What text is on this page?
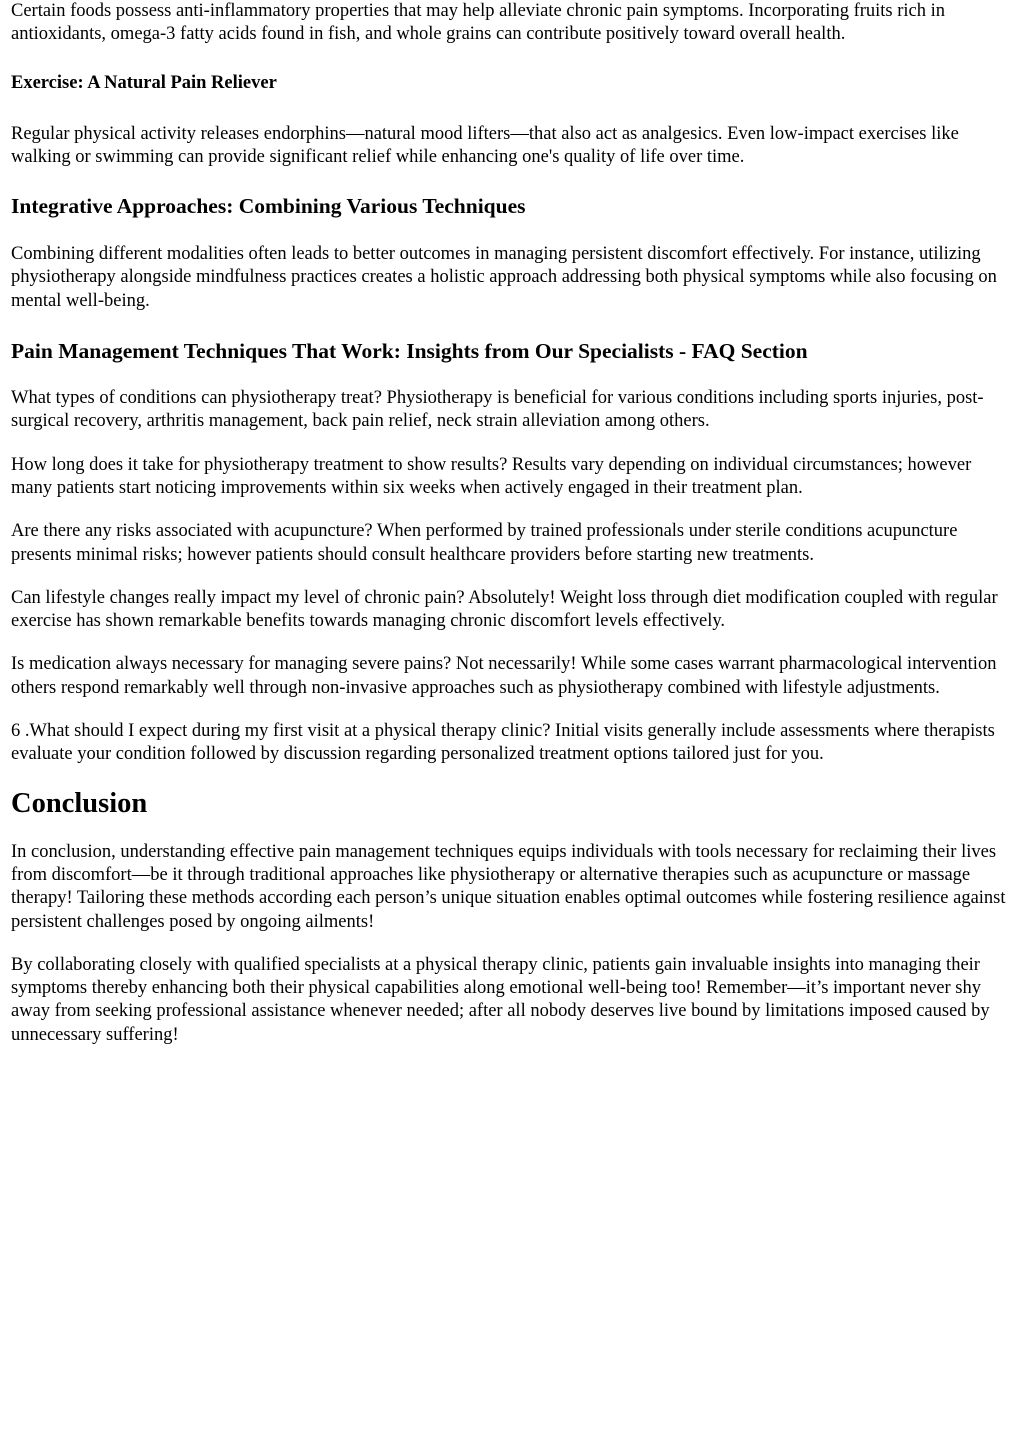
Certain foods possess anti-inflammatory properties that may help alleviate chronic pain symptoms. Incorporating fruits rich in antioxidants, omega-3 fatty acids found in fish, and whole grains can contribute positively toward overall health.

Exercise: A Natural Pain Reliever

Regular physical activity releases endorphins—natural mood lifters—that also act as analgesics. Even low-impact exercises like walking or swimming can provide significant relief while enhancing one's quality of life over time.

Integrative Approaches: Combining Various Techniques

Combining different modalities often leads to better outcomes in managing persistent discomfort effectively. For instance, utilizing physiotherapy alongside mindfulness practices creates a holistic approach addressing both physical symptoms while also focusing on mental well-being.

Pain Management Techniques That Work: Insights from Our Specialists - FAQ Section

What types of conditions can physiotherapy treat? Physiotherapy is beneficial for various conditions including sports injuries, post-surgical recovery, arthritis management, back pain relief, neck strain alleviation among others.

How long does it take for physiotherapy treatment to show results? Results vary depending on individual circumstances; however many patients start noticing improvements within six weeks when actively engaged in their treatment plan.

Are there any risks associated with acupuncture? When performed by trained professionals under sterile conditions acupuncture presents minimal risks; however patients should consult healthcare providers before starting new treatments.

Can lifestyle changes really impact my level of chronic pain? Absolutely! Weight loss through diet modification coupled with regular exercise has shown remarkable benefits towards managing chronic discomfort levels effectively.

Is medication always necessary for managing severe pains? Not necessarily! While some cases warrant pharmacological intervention others respond remarkably well through non-invasive approaches such as physiotherapy combined with lifestyle adjustments.

6 .What should I expect during my first visit at a physical therapy clinic? Initial visits generally include assessments where therapists evaluate your condition followed by discussion regarding personalized treatment options tailored just for you.

Conclusion

In conclusion, understanding effective pain management techniques equips individuals with tools necessary for reclaiming their lives from discomfort—be it through traditional approaches like physiotherapy or alternative therapies such as acupuncture or massage therapy! Tailoring these methods according each person’s unique situation enables optimal outcomes while fostering resilience against persistent challenges posed by ongoing ailments!

By collaborating closely with qualified specialists at a physical therapy clinic, patients gain invaluable insights into managing their symptoms thereby enhancing both their physical capabilities along emotional well-being too! Remember—it’s important never shy away from seeking professional assistance whenever needed; after all nobody deserves live bound by limitations imposed caused by unnecessary suffering!
